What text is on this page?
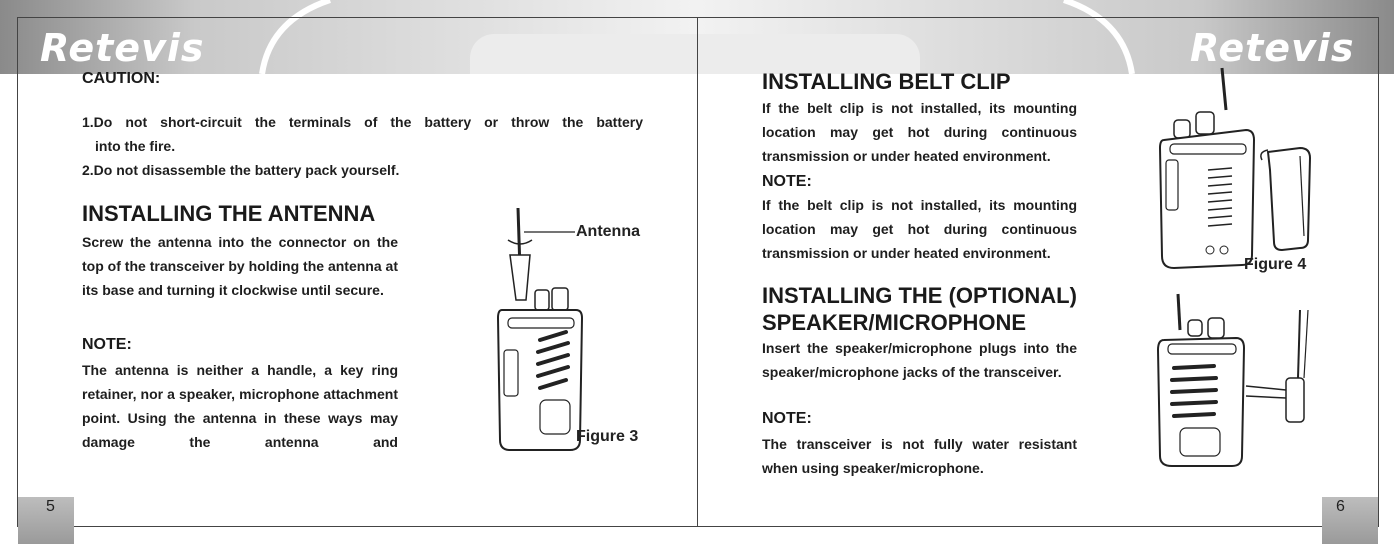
Retevis	Retevis
5	6

CAUTION:

1.Do not short-circuit the terminals of the battery or throw the battery

into the fire.

2.Do not disassemble the battery pack yourself.

INSTALLING THE ANTENNA

Screw the antenna into the connector on the top of the transceiver by holding the antenna at its base and turning it clockwise until secure.

NOTE:

The antenna is neither a handle, a key ring retainer, nor a speaker, microphone attachment point. Using the antenna in these ways may damage the antenna and

Antenna
Figure 3

INSTALLING BELT CLIP

If the belt clip is not installed, its mounting location may get hot during continuous transmission or under heated environment.

NOTE:

If the belt clip is not installed, its mounting location may get hot during continuous transmission or under heated environment.

INSTALLING THE (OPTIONAL)

SPEAKER/MICROPHONE

Insert the speaker/microphone plugs into the speaker/microphone jacks of the transceiver.

NOTE:

The transceiver is not fully water resistant when using speaker/microphone.

Figure 4
